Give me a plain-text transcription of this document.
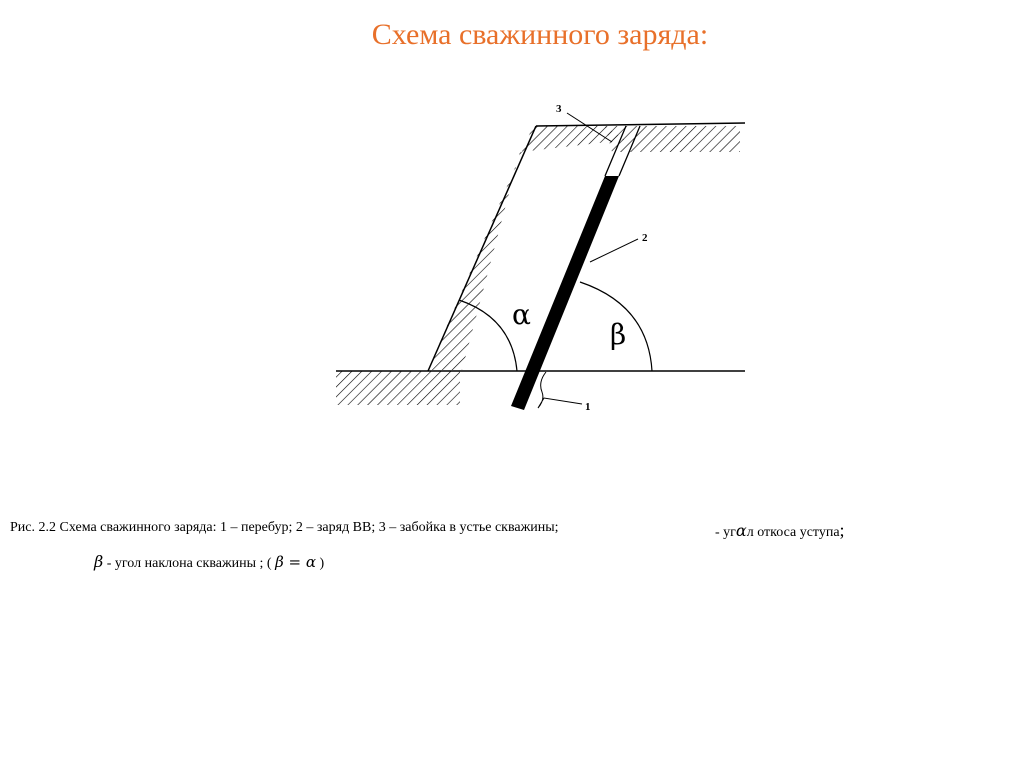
Схема сважинного заряда:
3
2
1
α
β
Рис. 2.2 Схема сважинного заряда: 1 – перебур; 2 – заряд ВВ; 3 – забойка в устье скважины;	- угαл откоса уступа;
β - угол наклона скважины ; ( β = α )
